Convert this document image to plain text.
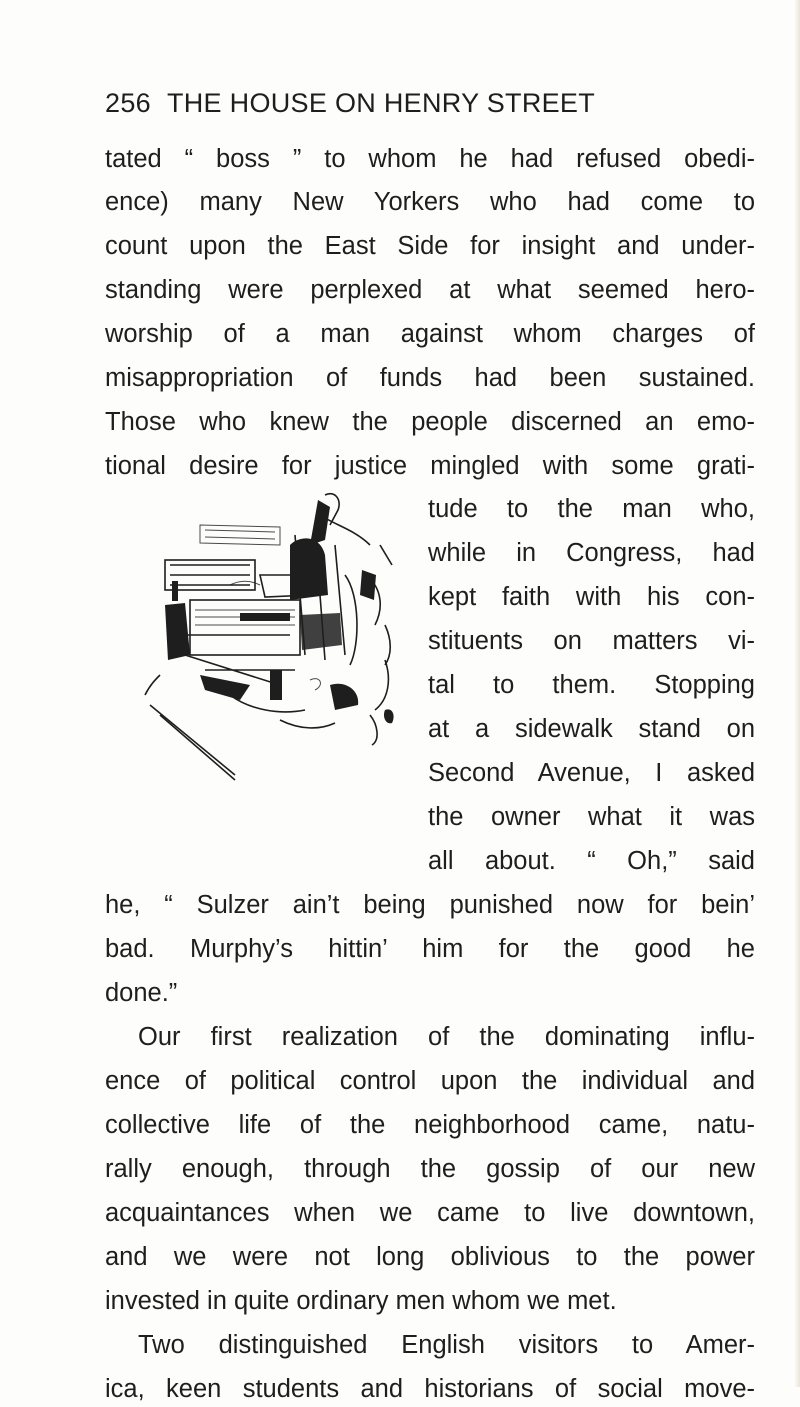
256 THE HOUSE ON HENRY STREET
tated “ boss ” to whom he had refused obedi-
ence) many New Yorkers who had come to
count upon the East Side for insight and under-
standing were perplexed at what seemed hero-
worship of a man against whom charges of
misappropriation of funds had been sustained.
Those who knew the people discerned an emo-
tional desire for justice mingled with some grati-
tude to the man who,
while in Congress, had
kept faith with his con-
stituents on matters vi-
tal to them. Stopping
at a sidewalk stand on
Second Avenue, I asked
the owner what it was
all about. “ Oh,” said
he, “ Sulzer ain’t being punished now for bein’
bad. Murphy’s hittin’ him for the good he
done.”
Our first realization of the dominating influ-
ence of political control upon the individual and
collective life of the neighborhood came, natu-
rally enough, through the gossip of our new
acquaintances when we came to live downtown,
and we were not long oblivious to the power
invested in quite ordinary men whom we met.
Two distinguished English visitors to Amer-
ica, keen students and historians of social move-
